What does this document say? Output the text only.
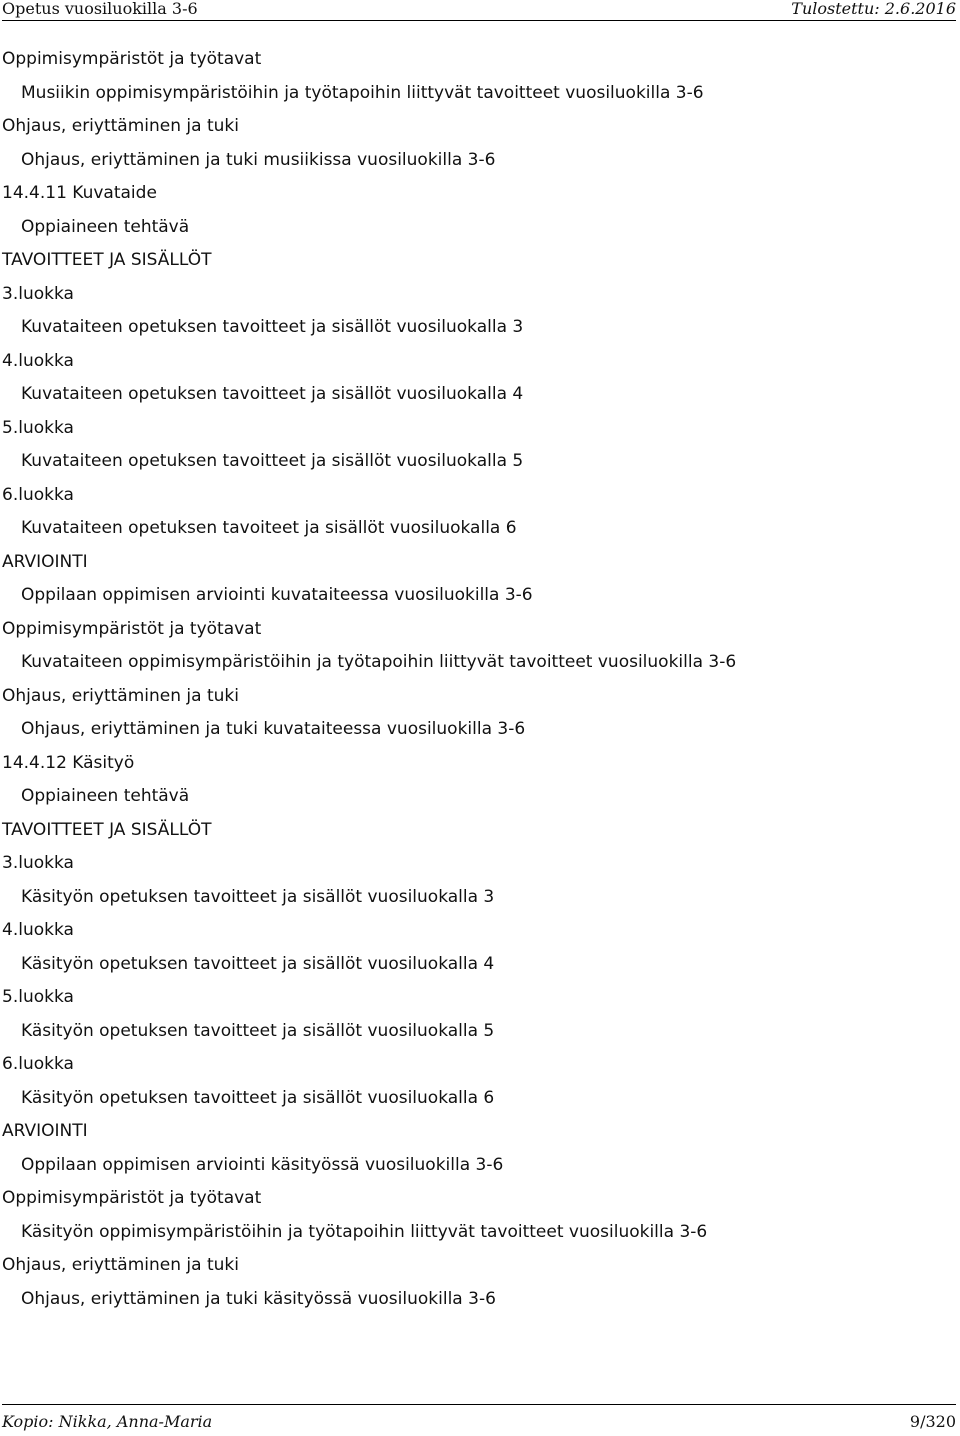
Opetus vuosiluokilla 3-6	Tulostettu: 2.6.2016
Oppimisympäristöt ja työtavat
Musiikin oppimisympäristöihin ja työtapoihin liittyvät tavoitteet vuosiluokilla 3-6
Ohjaus, eriyttäminen ja tuki
Ohjaus, eriyttäminen ja tuki musiikissa vuosiluokilla 3-6
14.4.11 Kuvataide
Oppiaineen tehtävä
TAVOITTEET JA SISÄLLÖT
3.luokka
Kuvataiteen opetuksen tavoitteet ja sisällöt vuosiluokalla 3
4.luokka
Kuvataiteen opetuksen tavoitteet ja sisällöt vuosiluokalla 4
5.luokka
Kuvataiteen opetuksen tavoitteet ja sisällöt vuosiluokalla 5
6.luokka
Kuvataiteen opetuksen tavoiteet ja sisällöt vuosiluokalla 6
ARVIOINTI
Oppilaan oppimisen arviointi kuvataiteessa vuosiluokilla 3-6
Oppimisympäristöt ja työtavat
Kuvataiteen oppimisympäristöihin ja työtapoihin liittyvät tavoitteet vuosiluokilla 3-6
Ohjaus, eriyttäminen ja tuki
Ohjaus, eriyttäminen ja tuki kuvataiteessa vuosiluokilla 3-6
14.4.12 Käsityö
Oppiaineen tehtävä
TAVOITTEET JA SISÄLLÖT
3.luokka
Käsityön opetuksen tavoitteet ja sisällöt vuosiluokalla 3
4.luokka
Käsityön opetuksen tavoitteet ja sisällöt vuosiluokalla 4
5.luokka
Käsityön opetuksen tavoitteet ja sisällöt vuosiluokalla 5
6.luokka
Käsityön opetuksen tavoitteet ja sisällöt vuosiluokalla 6
ARVIOINTI
Oppilaan oppimisen arviointi käsityössä vuosiluokilla 3-6
Oppimisympäristöt ja työtavat
Käsityön oppimisympäristöihin ja työtapoihin liittyvät tavoitteet vuosiluokilla 3-6
Ohjaus, eriyttäminen ja tuki
Ohjaus, eriyttäminen ja tuki käsityössä vuosiluokilla 3-6
Kopio: Nikka, Anna-Maria	9/320
